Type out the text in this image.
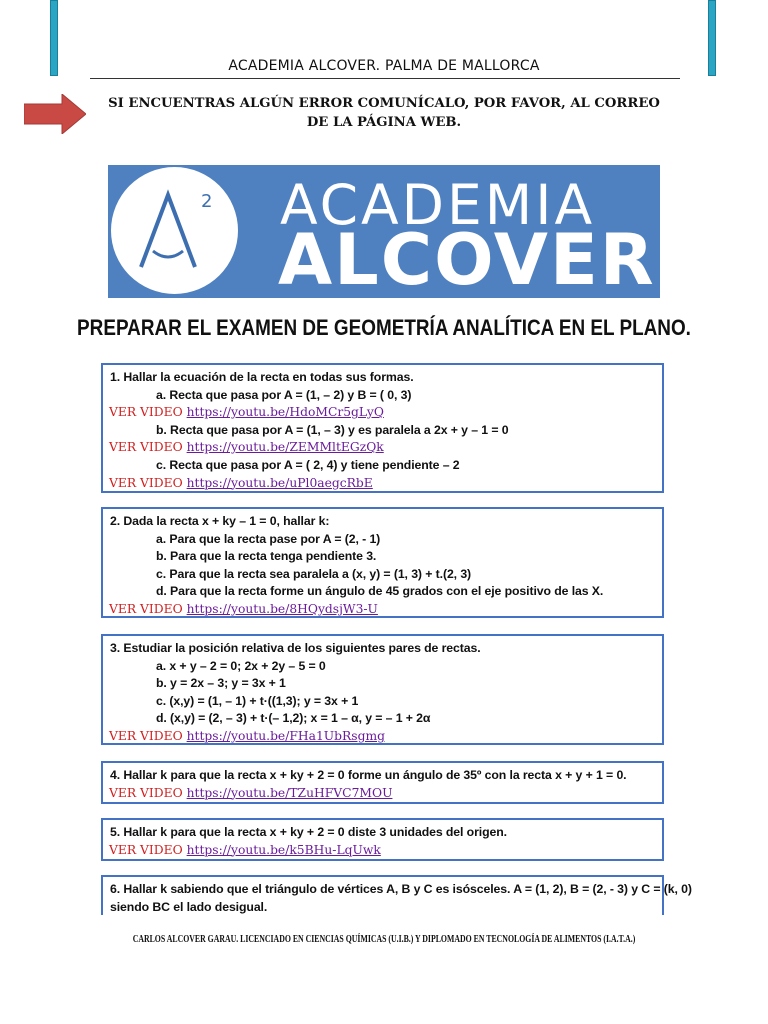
ACADEMIA ALCOVER. PALMA DE MALLORCA
SI ENCUENTRAS ALGÚN ERROR COMUNÍCALO, POR FAVOR, AL CORREO DE LA PÁGINA WEB.
2 ACADEMIA
ALCOVER
PREPARAR EL EXAMEN DE GEOMETRÍA ANALÍTICA EN EL PLANO.
1. Hallar la ecuación de la recta en todas sus formas.
a. Recta que pasa por A = (1, – 2) y B = ( 0, 3)
VER VIDEO https://youtu.be/HdoMCr5gLyQ
b. Recta que pasa por A = (1, – 3) y es paralela a 2x + y – 1 = 0
VER VIDEO https://youtu.be/ZEMMltEGzQk
c. Recta que pasa por A = ( 2, 4) y tiene pendiente – 2
VER VIDEO https://youtu.be/uPl0aegcRbE
2. Dada la recta x + ky – 1 = 0, hallar k:
a. Para que la recta pase por A = (2, - 1)
b. Para que la recta tenga pendiente 3.
c. Para que la recta sea paralela a (x, y) = (1, 3) + t.(2, 3)
d. Para que la recta forme un ángulo de 45 grados con el eje positivo de las X.
VER VIDEO https://youtu.be/8HQydsjW3-U
3. Estudiar la posición relativa de los siguientes pares de rectas.
a. x + y – 2 = 0; 2x + 2y – 5 = 0
b. y = 2x – 3; y = 3x + 1
c. (x,y) = (1, – 1) + t·((1,3); y = 3x + 1
d. (x,y) = (2, – 3) + t·(– 1,2); x = 1 – α, y = – 1 + 2α
VER VIDEO https://youtu.be/FHa1UbRsgmg
4. Hallar k para que la recta x + ky + 2 = 0 forme un ángulo de 35º con la recta x + y + 1 = 0.
VER VIDEO https://youtu.be/TZuHFVC7MOU
5. Hallar k para que la recta x + ky + 2 = 0 diste 3 unidades del origen.
VER VIDEO https://youtu.be/k5BHu-LqUwk
6. Hallar k sabiendo que el triángulo de vértices A, B y C es isósceles. A = (1, 2), B = (2, - 3) y C = (k, 0)
siendo BC el lado desigual.
CARLOS ALCOVER GARAU. LICENCIADO EN CIENCIAS QUÍMICAS (U.I.B.) Y DIPLOMADO EN TECNOLOGÍA DE ALIMENTOS (I.A.T.A.)
